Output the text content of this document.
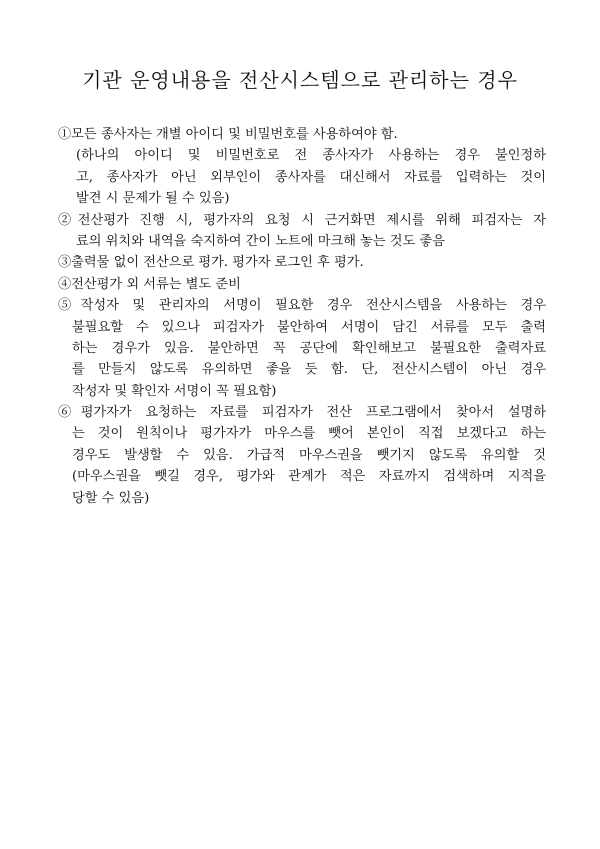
기관 운영내용을 전산시스템으로 관리하는 경우
①모든 종사자는 개별 아이디 및 비밀번호를 사용하여야 함.
(하나의 아이디 및 비밀번호로 전 종사자가 사용하는 경우 불인정하
고, 종사자가 아닌 외부인이 종사자를 대신해서 자료를 입력하는 것이
발견 시 문제가 될 수 있음)
②전산평가 진행 시, 평가자의 요청 시 근거화면 제시를 위해 피검자는 자
료의 위치와 내역을 숙지하여 간이 노트에 마크해 놓는 것도 좋음
③출력물 없이 전산으로 평가. 평가자 로그인 후 평가.
④전산평가 외 서류는 별도 준비
⑤작성자 및 관리자의 서명이 필요한 경우 전산시스템을 사용하는 경우
불필요할 수 있으나 피검자가 불안하여 서명이 담긴 서류를 모두 출력
하는 경우가 있음. 불안하면 꼭 공단에 확인해보고 불필요한 출력자료
를 만들지 않도록 유의하면 좋을 듯 함. 단, 전산시스템이 아닌 경우
작성자 및 확인자 서명이 꼭 필요함)
⑥평가자가 요청하는 자료를 피검자가 전산 프로그램에서 찾아서 설명하
는 것이 원칙이나 평가자가 마우스를 뺏어 본인이 직접 보겠다고 하는
경우도 발생할 수 있음. 가급적 마우스권을 뺏기지 않도록 유의할 것
(마우스권을 뺏길 경우, 평가와 관계가 적은 자료까지 검색하며 지적을
당할 수 있음)
